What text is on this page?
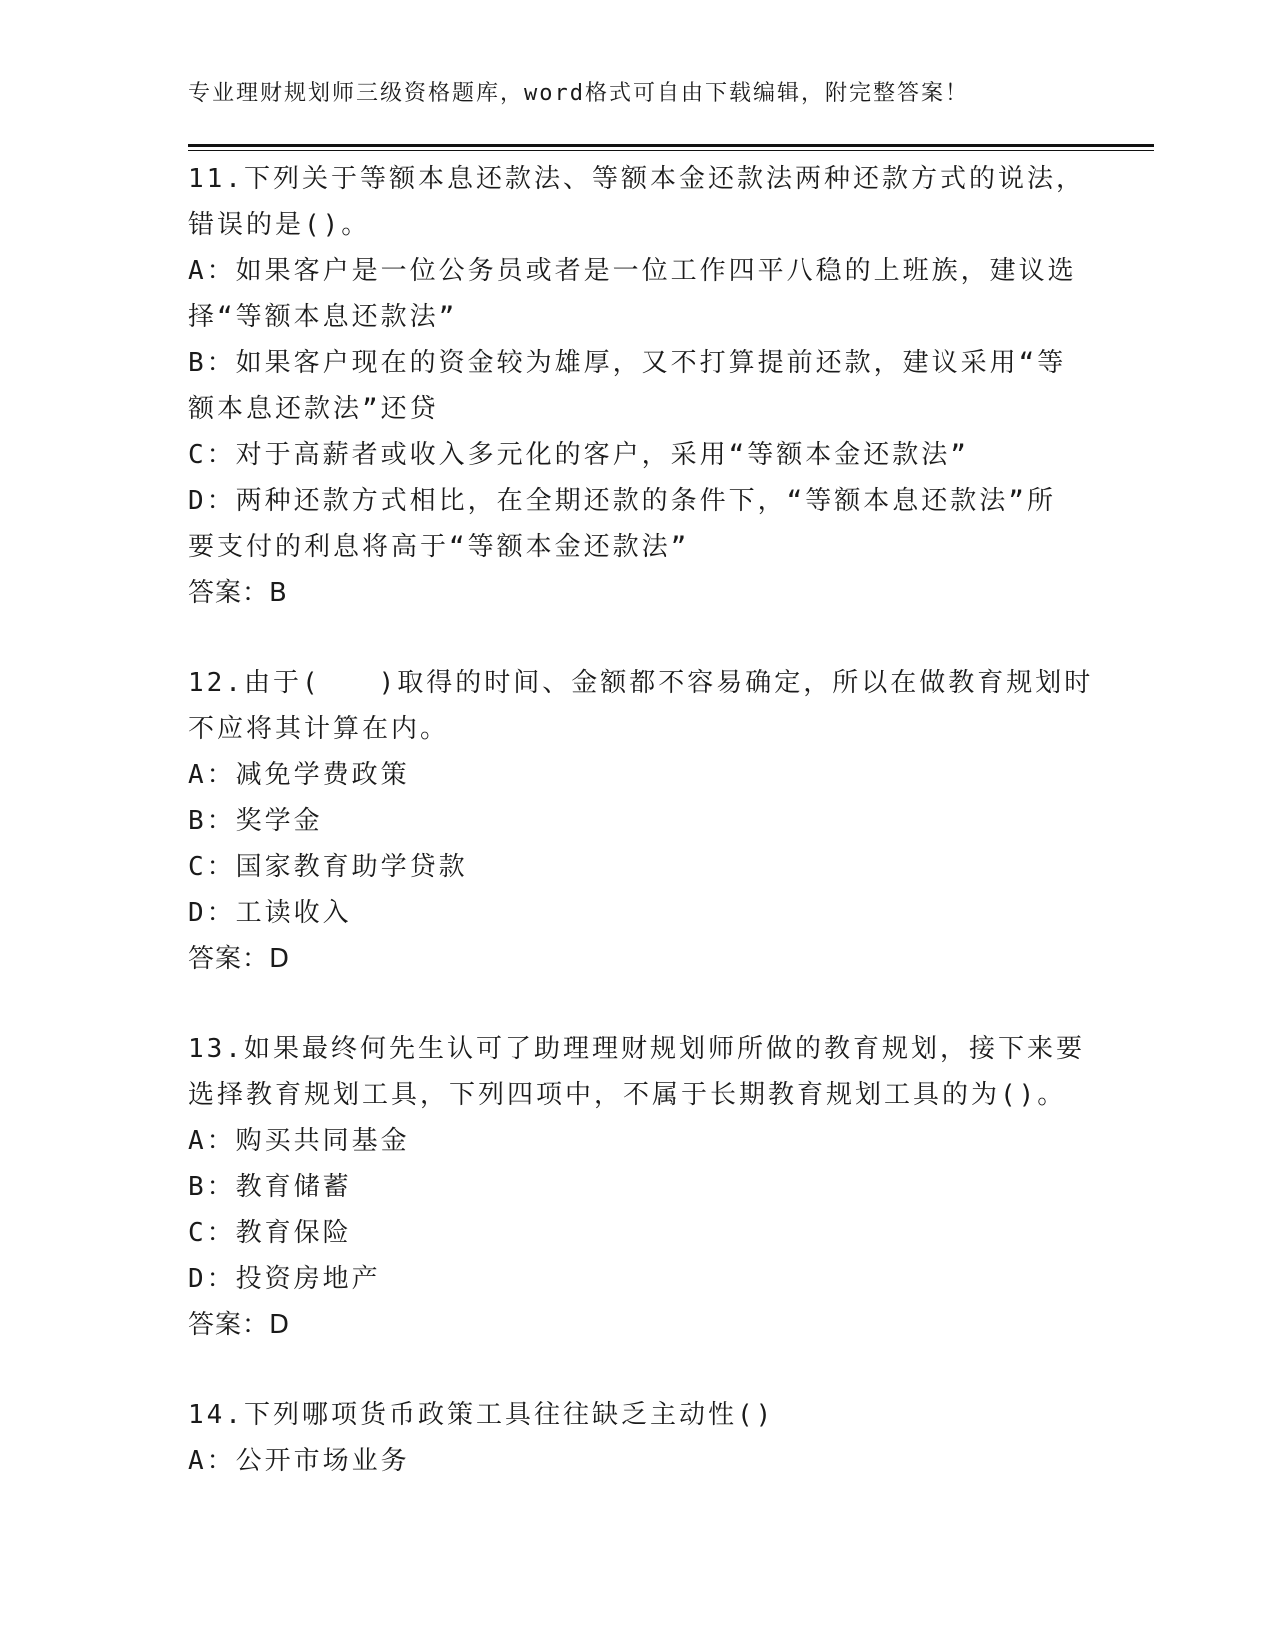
专业理财规划师三级资格题库，word格式可自由下载编辑，附完整答案！
11.下列关于等额本息还款法、等额本金还款法两种还款方式的说法，
错误的是()。
A：如果客户是一位公务员或者是一位工作四平八稳的上班族，建议选
择“等额本息还款法”
B：如果客户现在的资金较为雄厚，又不打算提前还款，建议采用“等
额本息还款法”还贷
C：对于高薪者或收入多元化的客户，采用“等额本金还款法”
D：两种还款方式相比，在全期还款的条件下，“等额本息还款法”所
要支付的利息将高于“等额本金还款法”
答案：B
12.由于(　　)取得的时间、金额都不容易确定，所以在做教育规划时
不应将其计算在内。
A：减免学费政策
B：奖学金
C：国家教育助学贷款
D：工读收入
答案：D
13.如果最终何先生认可了助理理财规划师所做的教育规划，接下来要
选择教育规划工具，下列四项中，不属于长期教育规划工具的为()。
A：购买共同基金
B：教育储蓄
C：教育保险
D：投资房地产
答案：D
14.下列哪项货币政策工具往往缺乏主动性()
A：公开市场业务
